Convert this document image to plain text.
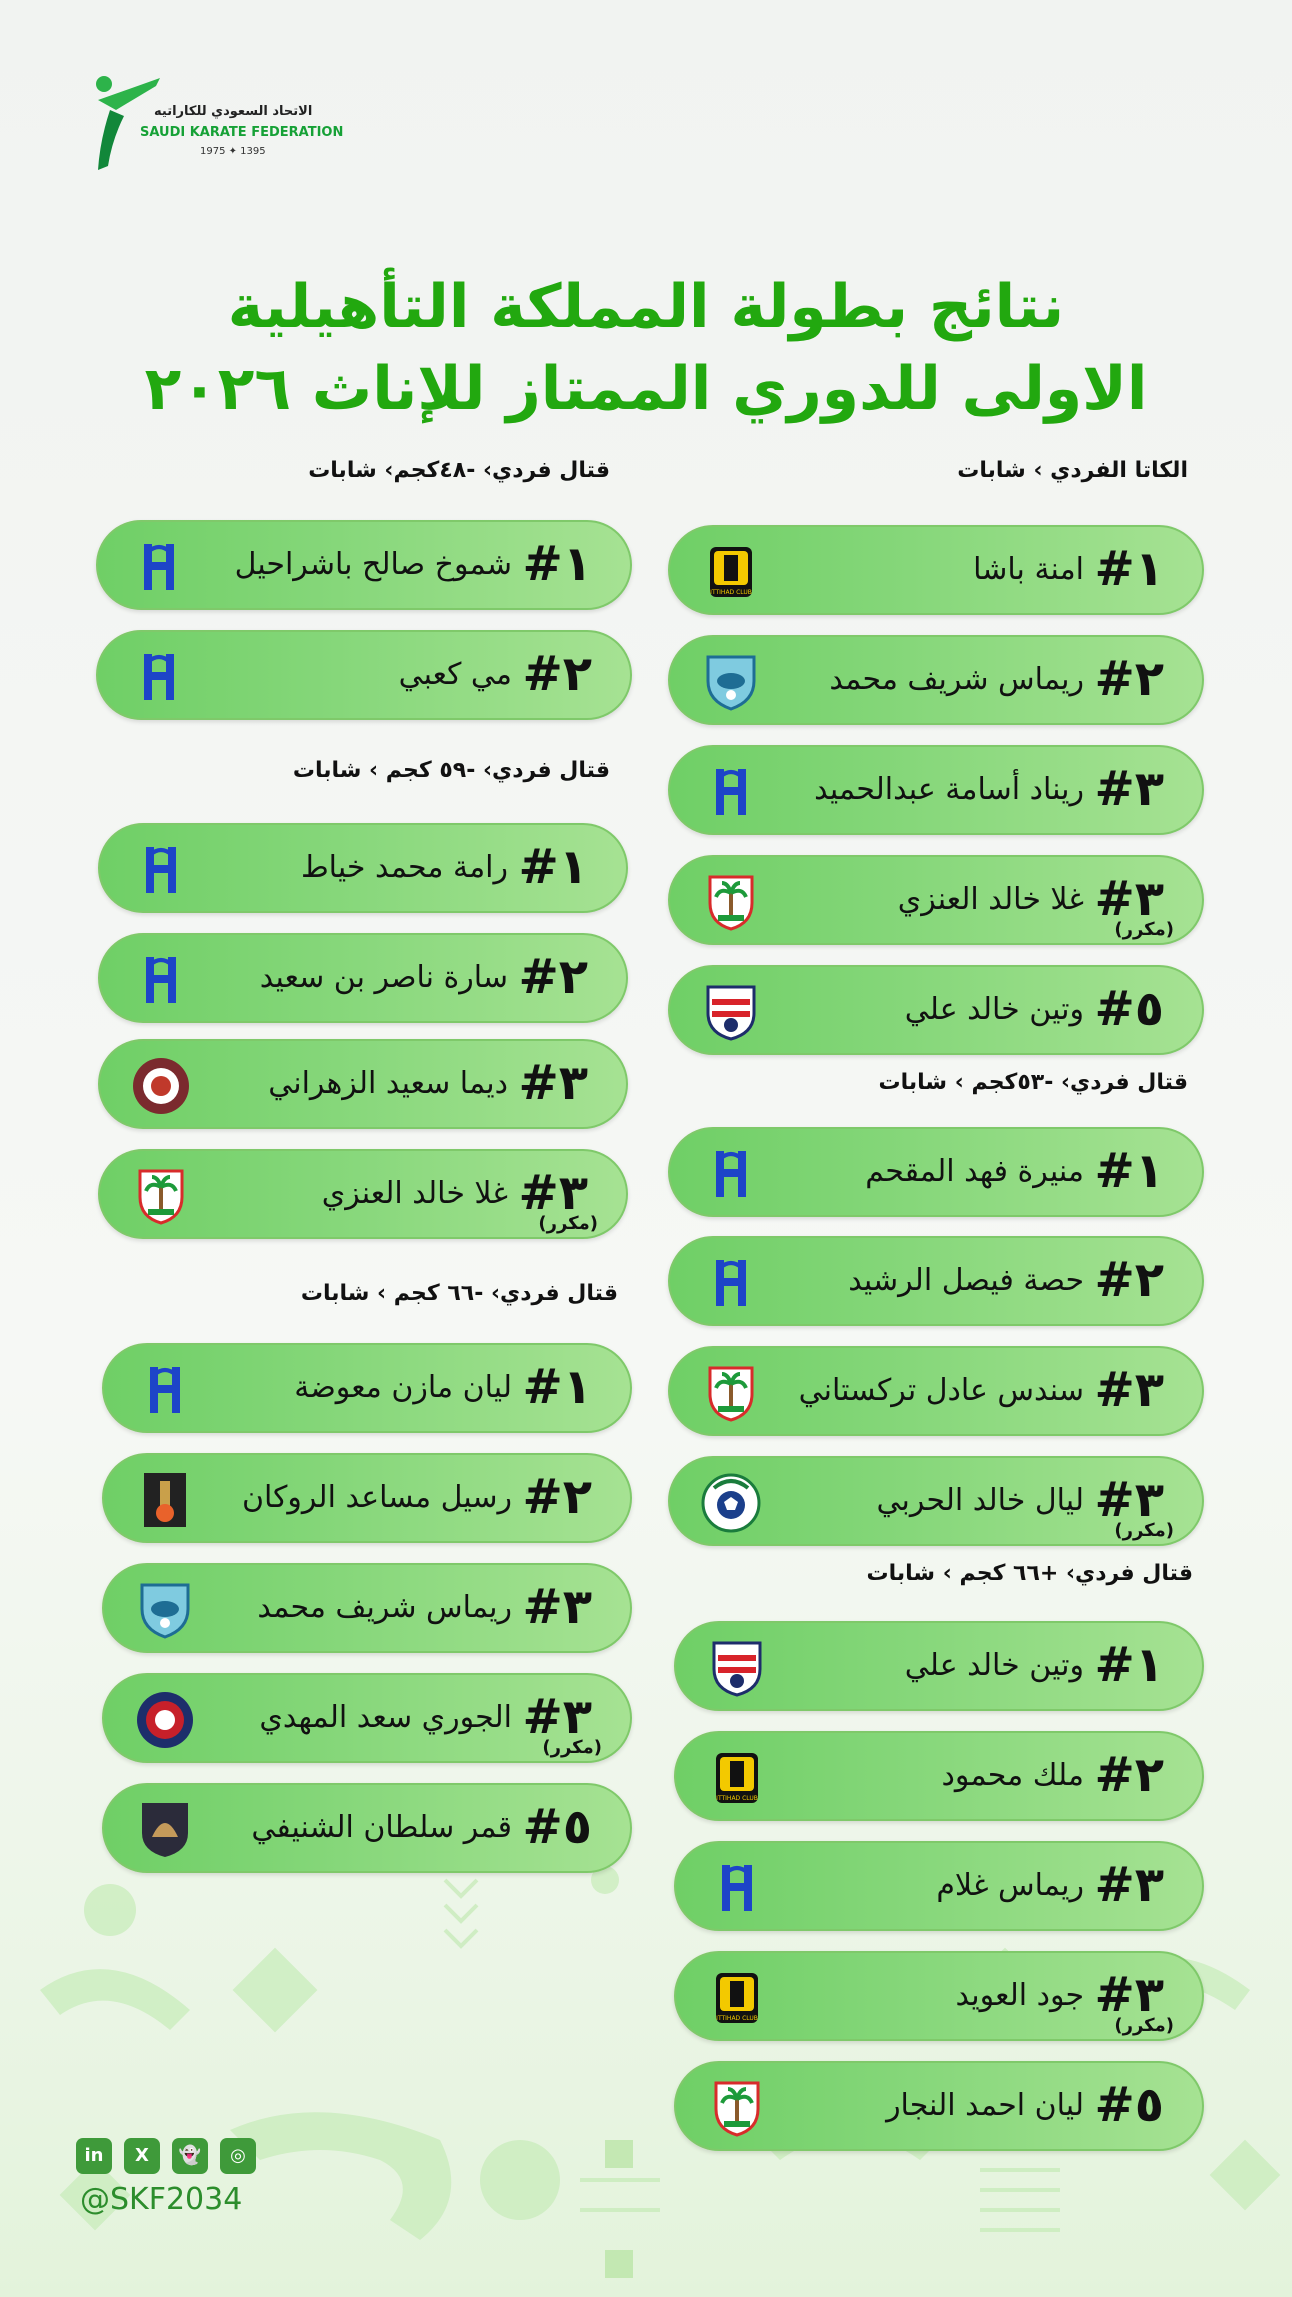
الاتحاد السعودي للكاراتيه
SAUDI KARATE FEDERATION
1975 ✦ 1395
نتائج بطولة المملكة التأهيلية
الاولى للدوري الممتاز للإناث ٢٠٢٦
الكاتا الفردي › شابات
#١
امنة باشا
ITTIHAD CLUB
#٢
ريماس شريف محمد
#٣
ريناد أسامة عبدالحميد
#٣
غلا خالد العنزي
(مكرر)
#٥
وتين خالد علي
قتال فردي› -٥٣كجم › شابات
#١
منيرة فهد المقحم
#٢
حصة فيصل الرشيد
#٣
سندس عادل تركستاني
#٣
ليال خالد الحربي
(مكرر)
قتال فردي› +٦٦ كجم › شابات
#١
وتين خالد علي
#٢
ملك محمود
ITTIHAD CLUB
#٣
ريماس غلام
#٣
جود العويد
(مكرر)
ITTIHAD CLUB
#٥
ليان احمد النجار
قتال فردي› -٤٨كجم› شابات
#١
شموخ صالح باشراحيل
#٢
مي كعبي
قتال فردي› -٥٩ كجم › شابات
#١
رامة محمد خياط
#٢
سارة ناصر بن سعيد
#٣
ديما سعيد الزهراني
#٣
غلا خالد العنزي
(مكرر)
قتال فردي› -٦٦ كجم › شابات
#١
ليان مازن معوضة
#٢
رسيل مساعد الروكان
#٣
ريماس شريف محمد
#٣
الجوري سعد المهدي
(مكرر)
#٥
قمر سلطان الشنيفي
in	X	👻	◎
@SKF2034
